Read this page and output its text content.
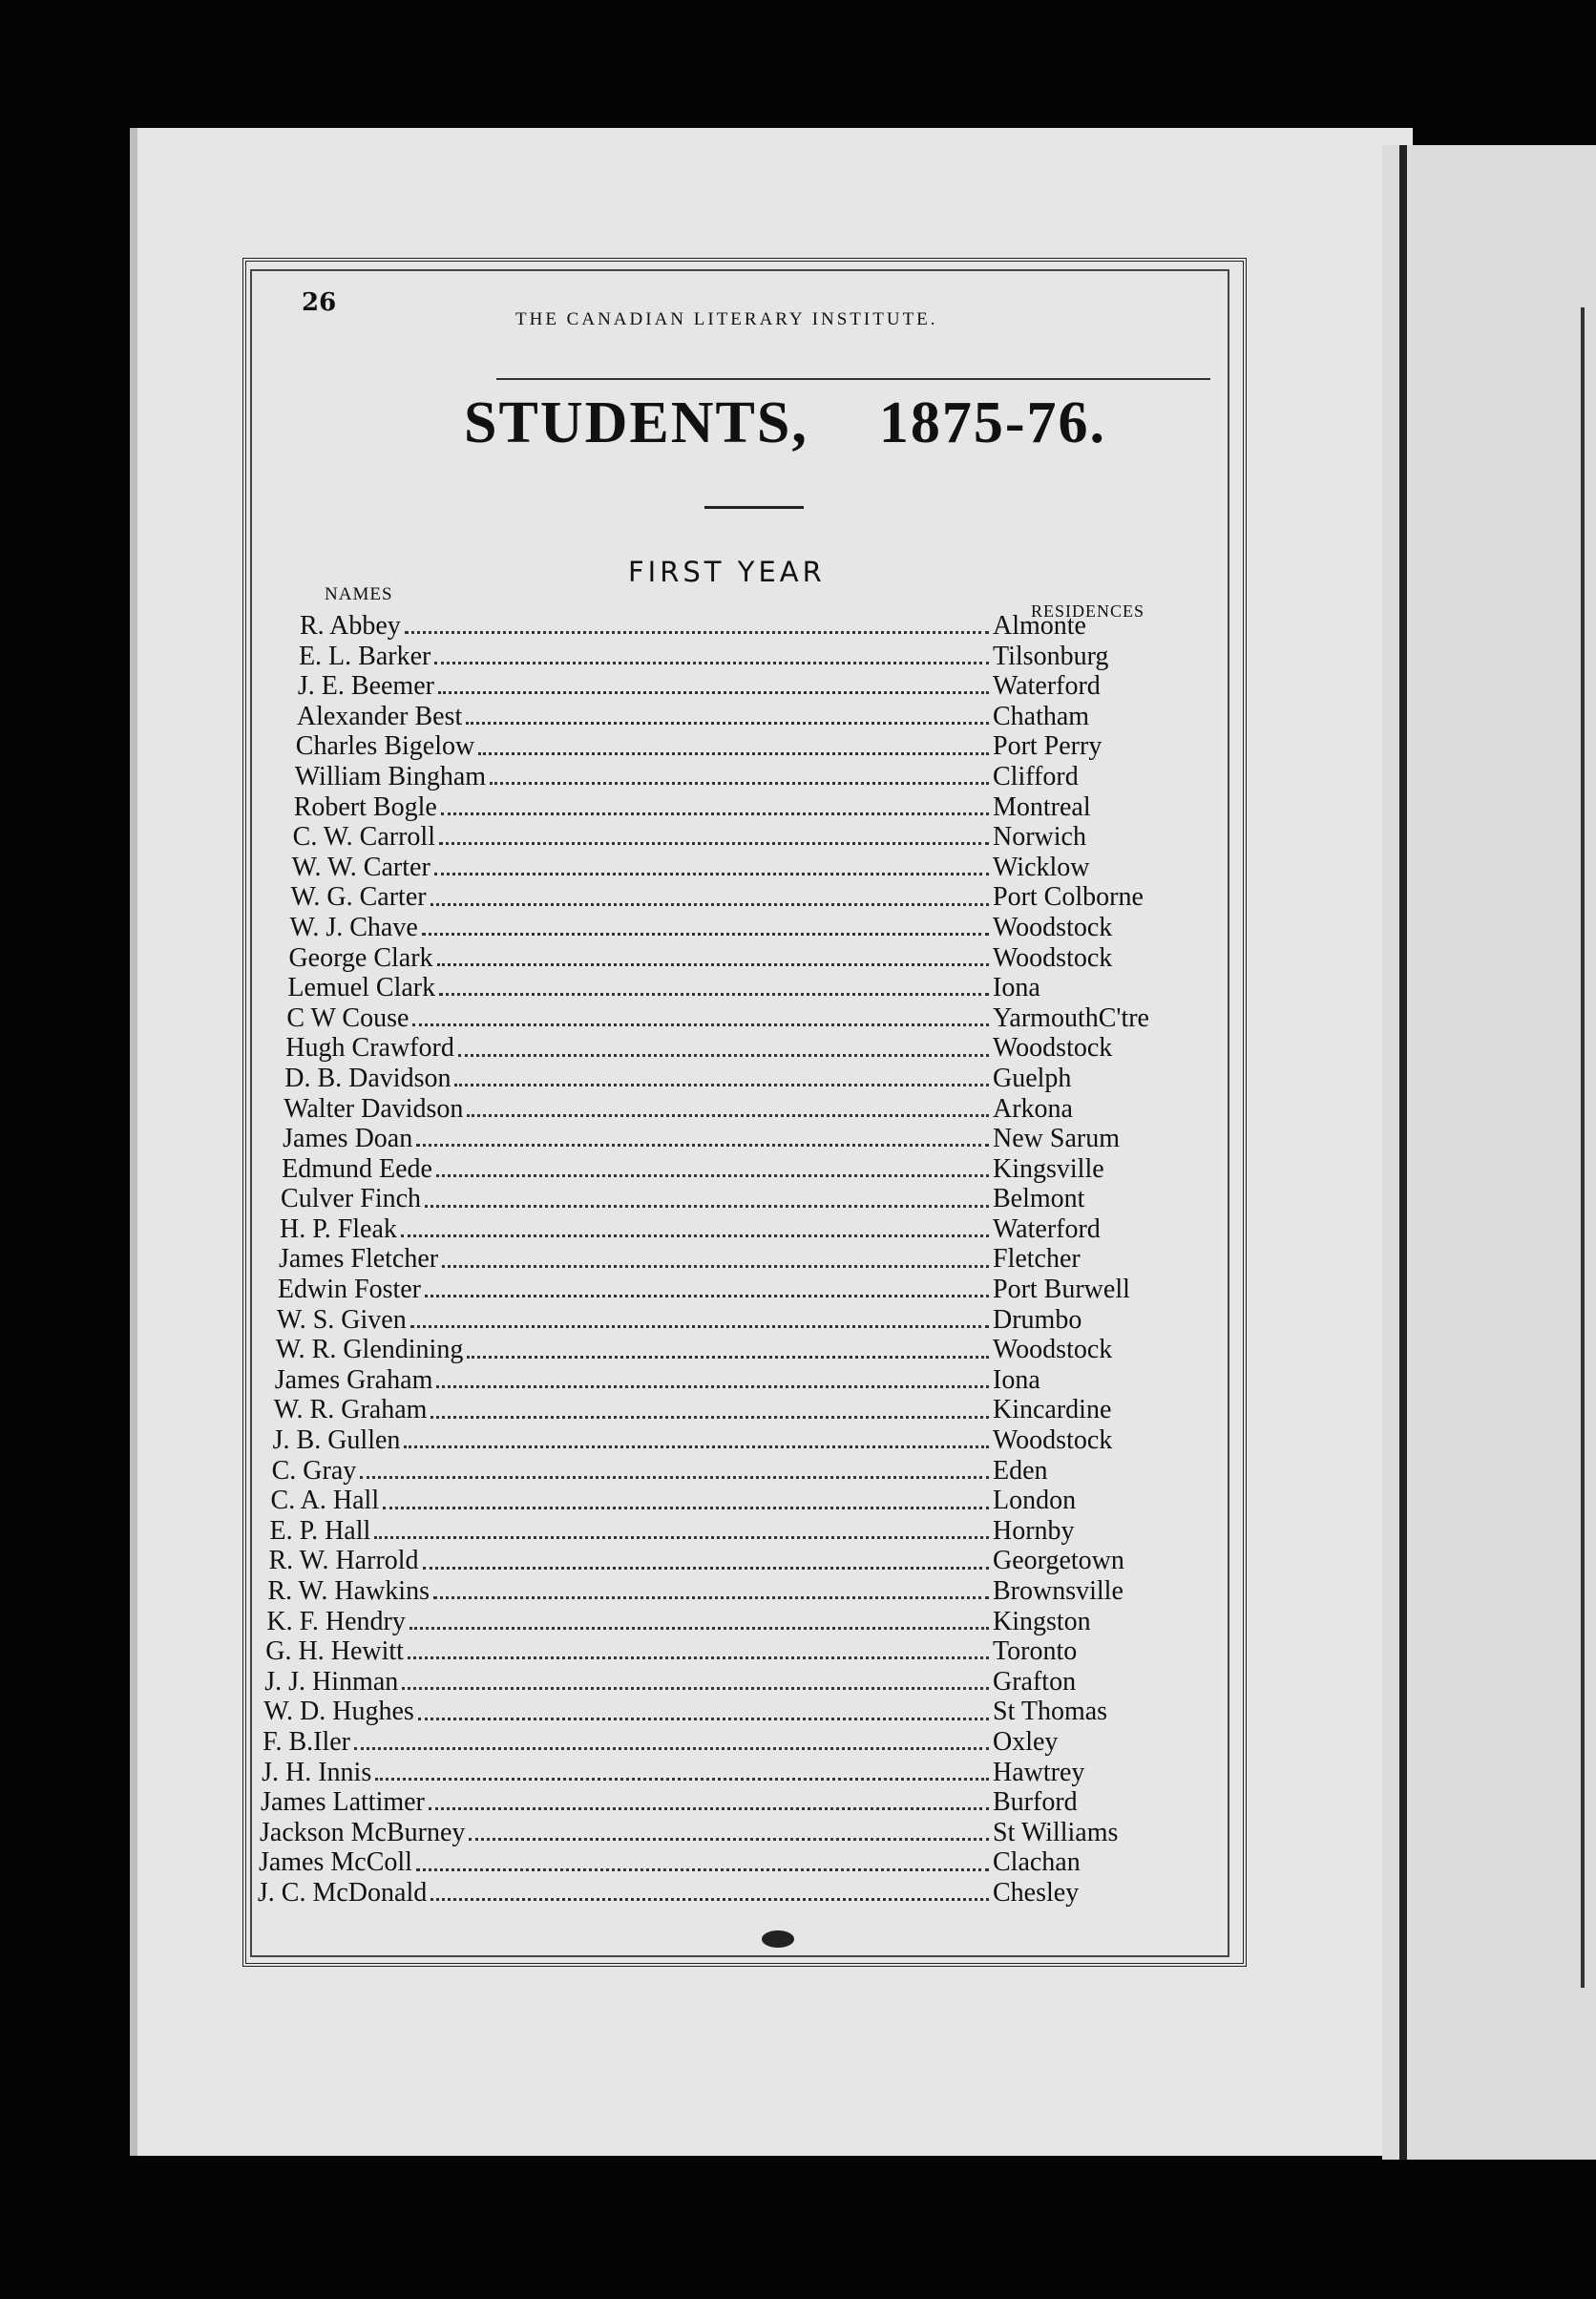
26
THE CANADIAN LITERARY INSTITUTE.
STUDENTS, 1875-76.
FIRST YEAR
NAMES
RESIDENCES
R. Abbey	Almonte
E. L. Barker	Tilsonburg
J. E. Beemer	Waterford
Alexander Best	Chatham
Charles Bigelow	Port Perry
William Bingham	Clifford
Robert Bogle	Montreal
C. W. Carroll	Norwich
W. W. Carter	Wicklow
W. G. Carter	Port Colborne
W. J. Chave	Woodstock
George Clark	Woodstock
Lemuel Clark	Iona
C W Couse	YarmouthC'tre
Hugh Crawford	Woodstock
D. B. Davidson	Guelph
Walter Davidson	Arkona
James Doan	New Sarum
Edmund Eede	Kingsville
Culver Finch	Belmont
H. P. Fleak	Waterford
James Fletcher	Fletcher
Edwin Foster	Port Burwell
W. S. Given	Drumbo
W. R. Glendining	Woodstock
James Graham	Iona
W. R. Graham	Kincardine
J. B. Gullen	Woodstock
C. Gray	Eden
C. A. Hall	London
E. P. Hall	Hornby
R. W. Harrold	Georgetown
R. W. Hawkins	Brownsville
K. F. Hendry	Kingston
G. H. Hewitt	Toronto
J. J. Hinman	Grafton
W. D. Hughes	St Thomas
F. B.Iler	Oxley
J. H. Innis	Hawtrey
James Lattimer	Burford
Jackson McBurney	St Williams
James McColl	Clachan
J. C. McDonald	Chesley
